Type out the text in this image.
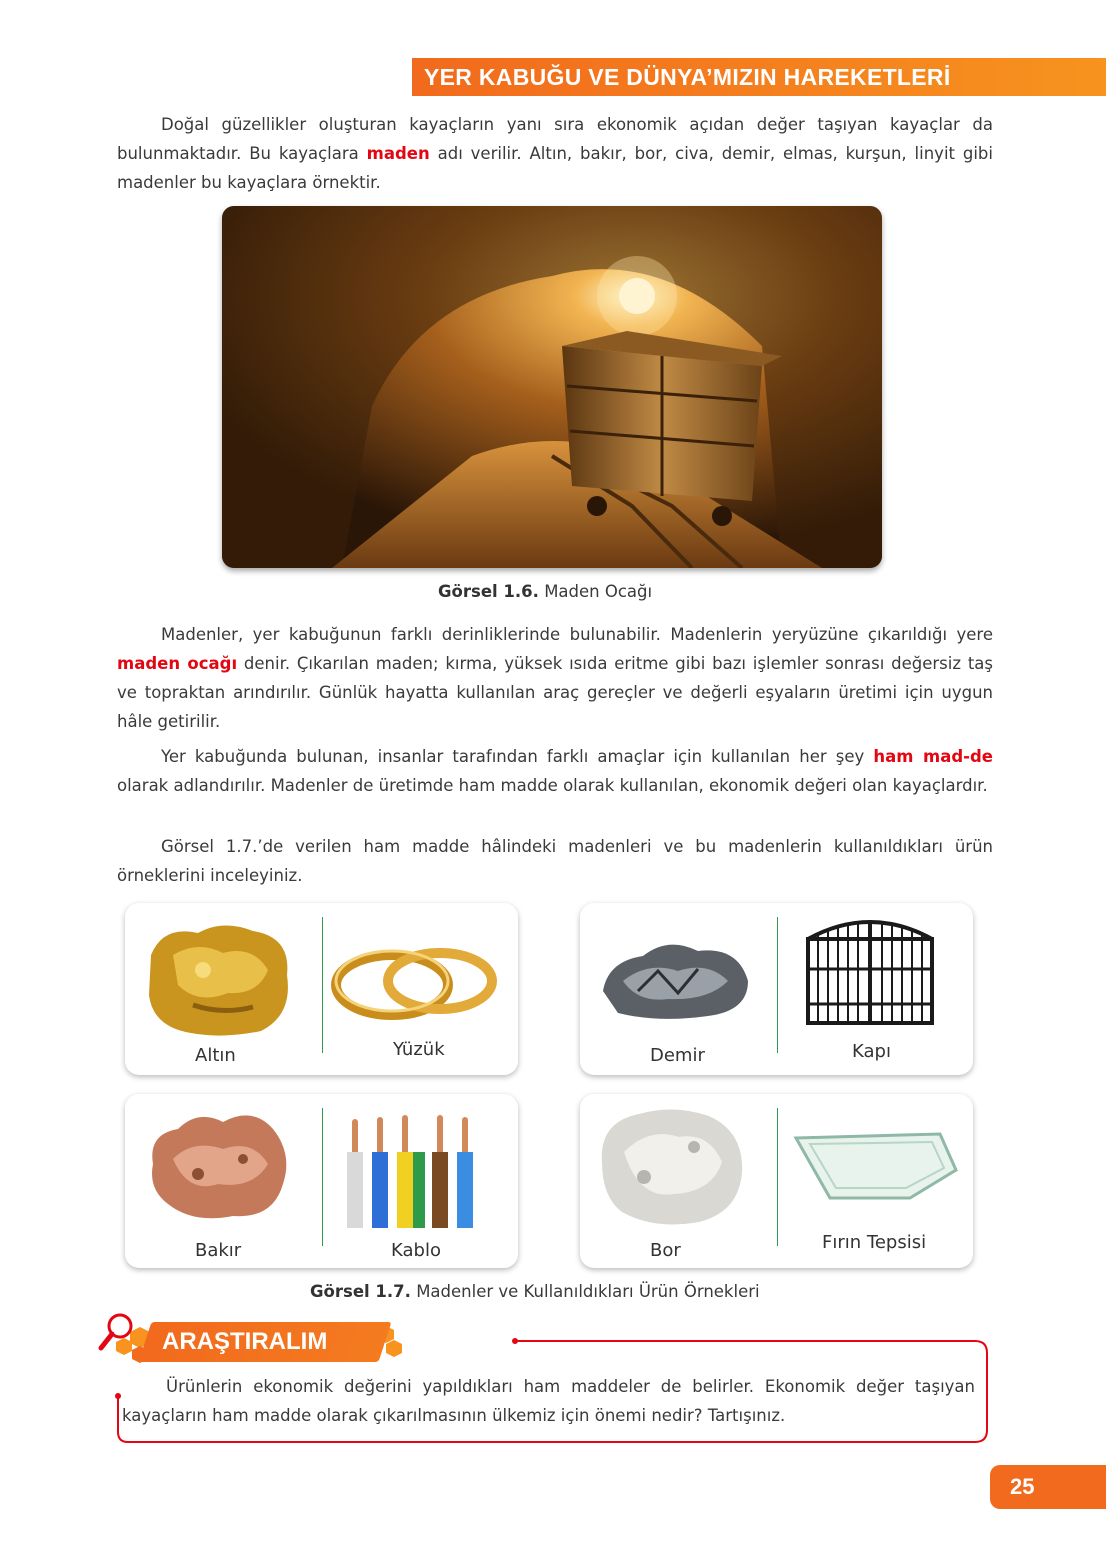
YER KABUĞU VE DÜNYA’MIZIN HAREKETLERİ

Doğal güzellikler oluşturan kayaçların yanı sıra ekonomik açıdan değer taşıyan kayaçlar da bulunmaktadır. Bu kayaçlara maden adı verilir. Altın, bakır, bor, civa, demir, elmas, kurşun, linyit gibi madenler bu kayaçlara örnektir.

Görsel 1.6. Maden Ocağı

Madenler, yer kabuğunun farklı derinliklerinde bulunabilir. Madenlerin yeryüzüne çıkarıldığı yere maden ocağı denir. Çıkarılan maden; kırma, yüksek ısıda eritme gibi bazı işlemler sonrası değersiz taş ve topraktan arındırılır. Günlük hayatta kullanılan araç gereçler ve değerli eşyaların üretimi için uygun hâle getirilir.

Yer kabuğunda bulunan, insanlar tarafından farklı amaçlar için kullanılan her şey ham mad-de olarak adlandırılır. Madenler de üretimde ham madde olarak kullanılan, ekonomik değeri olan kayaçlardır.

Görsel 1.7.’de verilen ham madde hâlindeki madenleri ve bu madenlerin kullanıldıkları ürün örneklerini inceleyiniz.

Altın	Yüzük	Demir	Kapı
Bakır	Kablo	Bor	Fırın Tepsisi
Görsel 1.7. Madenler ve Kullanıldıkları Ürün Örnekleri
ARAŞTIRALIM

Ürünlerin ekonomik değerini yapıldıkları ham maddeler de belirler. Ekonomik değer taşıyan kayaçların ham madde olarak çıkarılmasının ülkemiz için önemi nedir? Tartışınız.

25
